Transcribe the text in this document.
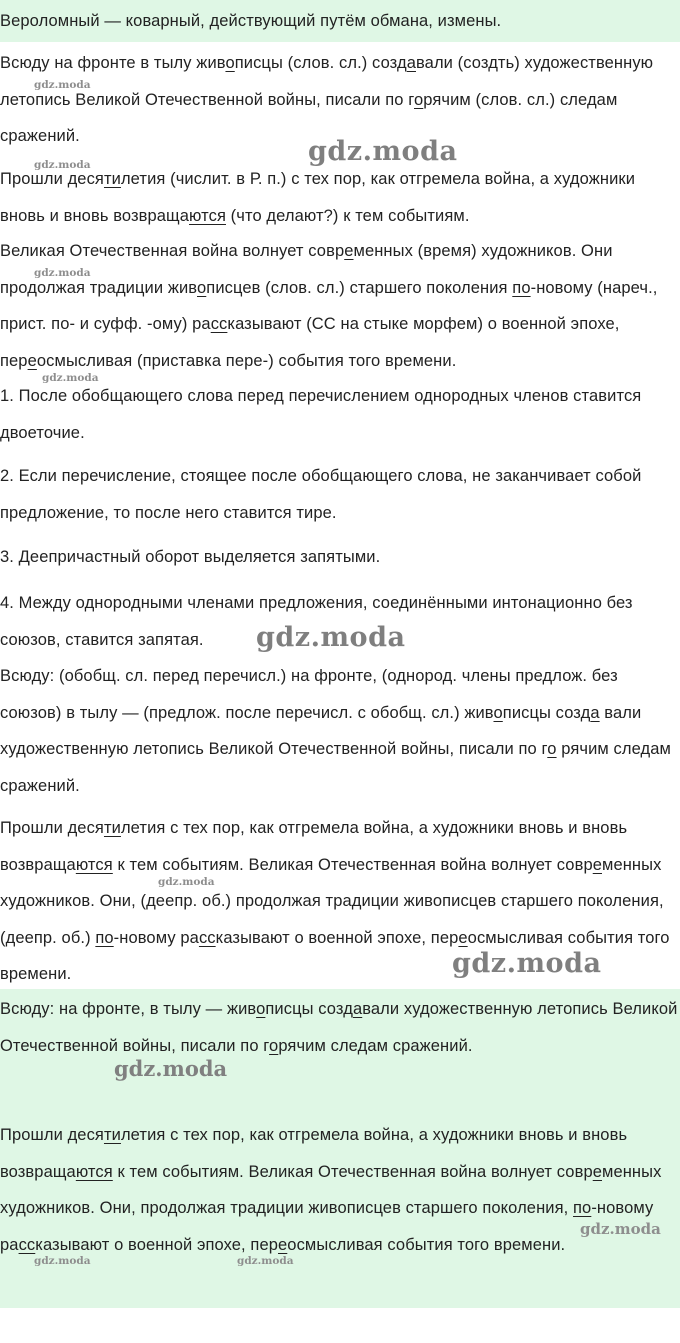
Вероломный — коварный, действующий путём обмана, измены.

Всюду на фронте в тылу живописцы (слов. сл.) создавали (создть) художественную летопись Великой Отечественной войны, писали по горячим (слов. сл.) следам сражений.

Прошли десятилетия (числит. в Р. п.) с тех пор, как отгремела война, а художники вновь и вновь возвращаются (что делают?) к тем событиям.

Великая Отечественная война волнует современных (время) художников. Они продолжая традиции живописцев (слов. сл.) старшего поколения по-новому (нареч., прист. по- и суфф. -ому) рассказывают (СС на стыке морфем) о военной эпохе, переосмысливая (приставка пере-) события того времени.

1. После обобщающего слова перед перечислением однородных членов ставится двоеточие.

2. Если перечисление, стоящее после обобщающего слова, не заканчивает собой предложение, то после него ставится тире.

3. Деепричастный оборот выделяется запятыми.

4. Между однородными членами предложения, соединёнными интонационно без союзов, ставится запятая.

Всюду: (обобщ. сл. перед перечисл.) на фронте, (однород. члены предлож. без союзов) в тылу — (предлож. после перечисл. с обобщ. сл.) живописцы созда вали художественную летопись Великой Отечественной войны, писали по го рячим следам сражений.

Прошли десятилетия с тех пор, как отгремела война, а художники вновь и вновь возвращаются к тем событиям. Великая Отечественная война волнует современных художников. Они, (деепр. об.) продолжая традиции живописцев старшего поколения, (деепр. об.) по-новому рассказывают о военной эпохе, переосмысливая события того времени.

Всюду: на фронте, в тылу — живописцы создавали художественную летопись Великой Отечественной войны, писали по горячим следам сражений.

Прошли десятилетия с тех пор, как отгремела война, а художники вновь и вновь возвращаются к тем событиям. Великая Отечественная война волнует современных художников. Они, продолжая традиции живописцев старшего поколения, по-новому рассказывают о военной эпохе, переосмысливая события того времени.

gdz.moda
gdz.moda
gdz.moda
gdz.moda
gdz.moda
gdz.moda
gdz.moda
gdz.moda
gdz.moda
gdz.moda
gdz.moda	gdz.moda
